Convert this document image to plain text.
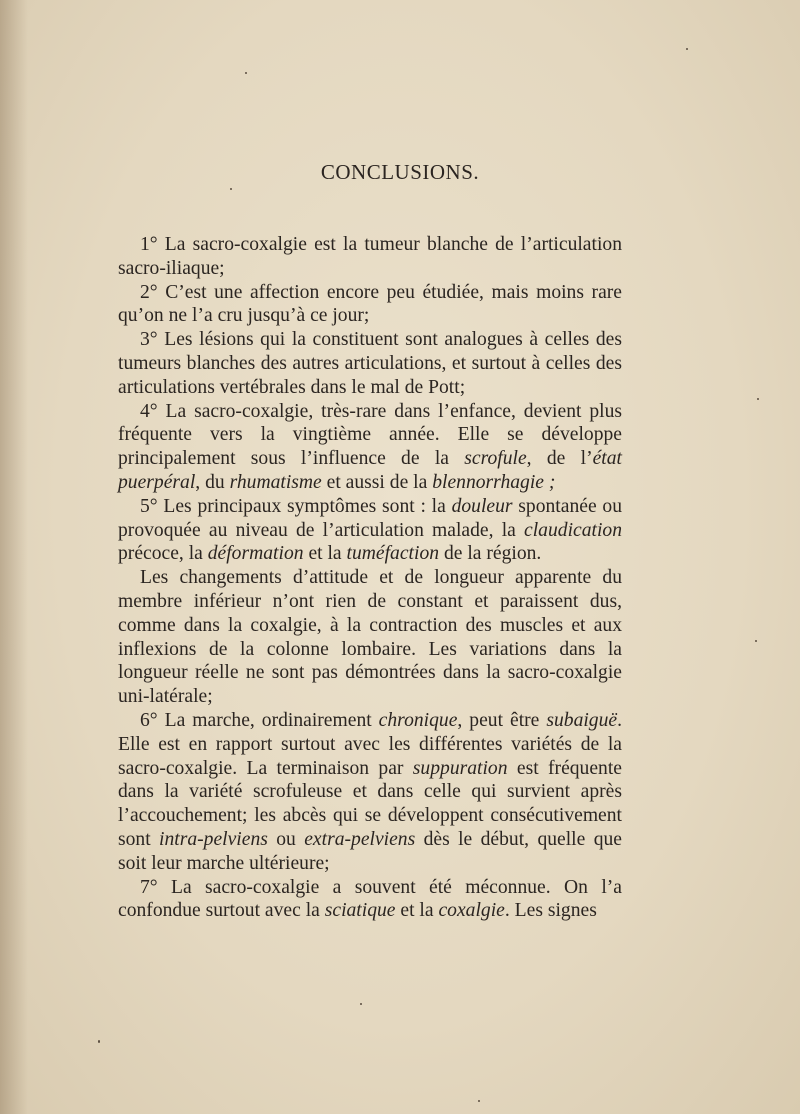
CONCLUSIONS.

1° La sacro-coxalgie est la tumeur blanche de l’articulation sacro-iliaque;

2° C’est une affection encore peu étudiée, mais moins rare qu’on ne l’a cru jusqu’à ce jour;

3° Les lésions qui la constituent sont analogues à celles des tumeurs blanches des autres articulations, et surtout à celles des articulations vertébrales dans le mal de Pott;

4° La sacro-coxalgie, très-rare dans l’enfance, devient plus fréquente vers la vingtième année. Elle se développe principalement sous l’influence de la scrofule, de l’état puerpéral, du rhumatisme et aussi de la blennorrhagie ;

5° Les principaux symptômes sont : la douleur spontanée ou provoquée au niveau de l’articulation malade, la claudication précoce, la déformation et la tuméfaction de la région.

Les changements d’attitude et de longueur apparente du membre inférieur n’ont rien de constant et paraissent dus, comme dans la coxalgie, à la contraction des muscles et aux inflexions de la colonne lombaire. Les variations dans la longueur réelle ne sont pas démontrées dans la sacro-coxalgie uni-latérale;

6° La marche, ordinairement chronique, peut être subaiguë. Elle est en rapport surtout avec les différentes variétés de la sacro-coxalgie. La terminaison par suppuration est fréquente dans la variété scrofuleuse et dans celle qui survient après l’accouchement; les abcès qui se développent consécutivement sont intra-pelviens ou extra-pelviens dès le début, quelle que soit leur marche ultérieure;

7° La sacro-coxalgie a souvent été méconnue. On l’a confondue surtout avec la sciatique et la coxalgie. Les signes
